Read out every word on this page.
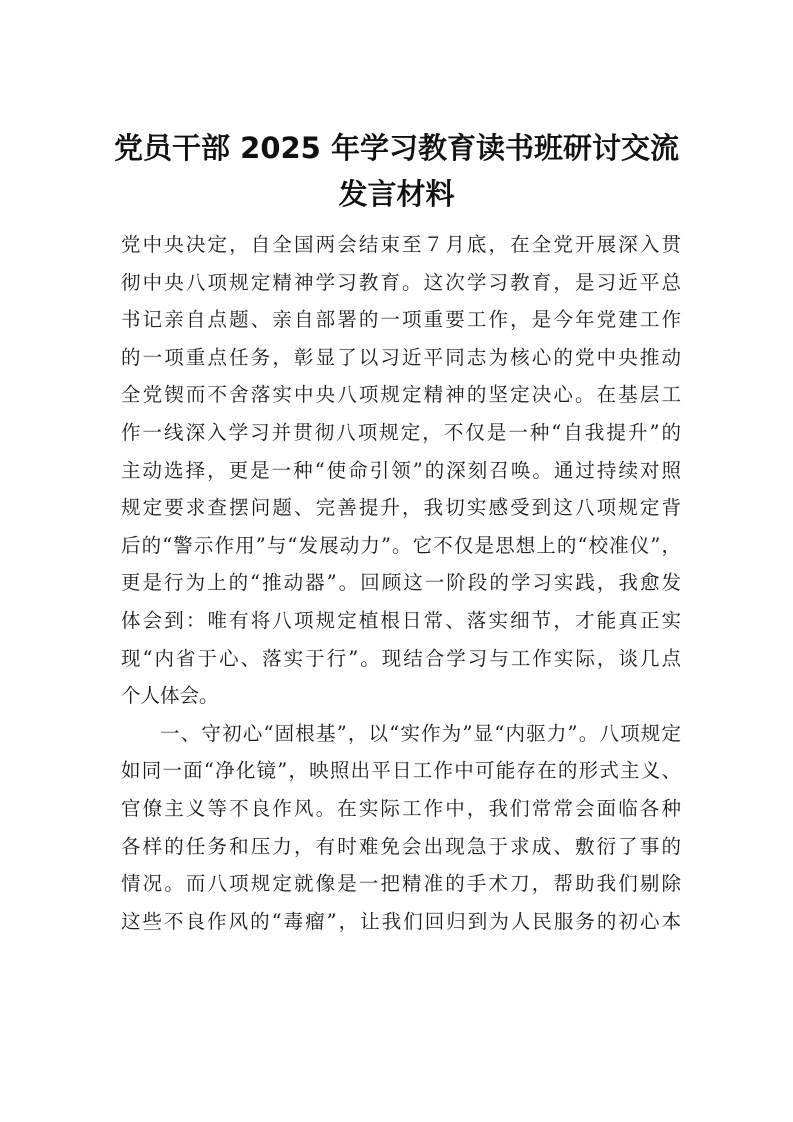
党员干部 2025 年学习教育读书班研讨交流
发言材料
党中央决定，自全国两会结束至７月底，在全党开展深入贯
彻中央八项规定精神学习教育。这次学习教育，是习近平总
书记亲自点题、亲自部署的一项重要工作，是今年党建工作
的一项重点任务，彰显了以习近平同志为核心的党中央推动
全党锲而不舍落实中央八项规定精神的坚定决心。在基层工
作一线深入学习并贯彻八项规定，不仅是一种“自我提升”的
主动选择，更是一种“使命引领”的深刻召唤。通过持续对照
规定要求查摆问题、完善提升，我切实感受到这八项规定背
后的“警示作用”与“发展动力”。它不仅是思想上的“校准仪”，
更是行为上的“推动器”。回顾这一阶段的学习实践，我愈发
体会到：唯有将八项规定植根日常、落实细节，才能真正实
现“内省于心、落实于行”。现结合学习与工作实际，谈几点
个人体会。
一、守初心“固根基”，以“实作为”显“内驱力”。八项规定
如同一面“净化镜”，映照出平日工作中可能存在的形式主义、
官僚主义等不良作风。在实际工作中，我们常常会面临各种
各样的任务和压力，有时难免会出现急于求成、敷衍了事的
情况。而八项规定就像是一把精准的手术刀，帮助我们剔除
这些不良作风的“毒瘤”，让我们回归到为人民服务的初心本
